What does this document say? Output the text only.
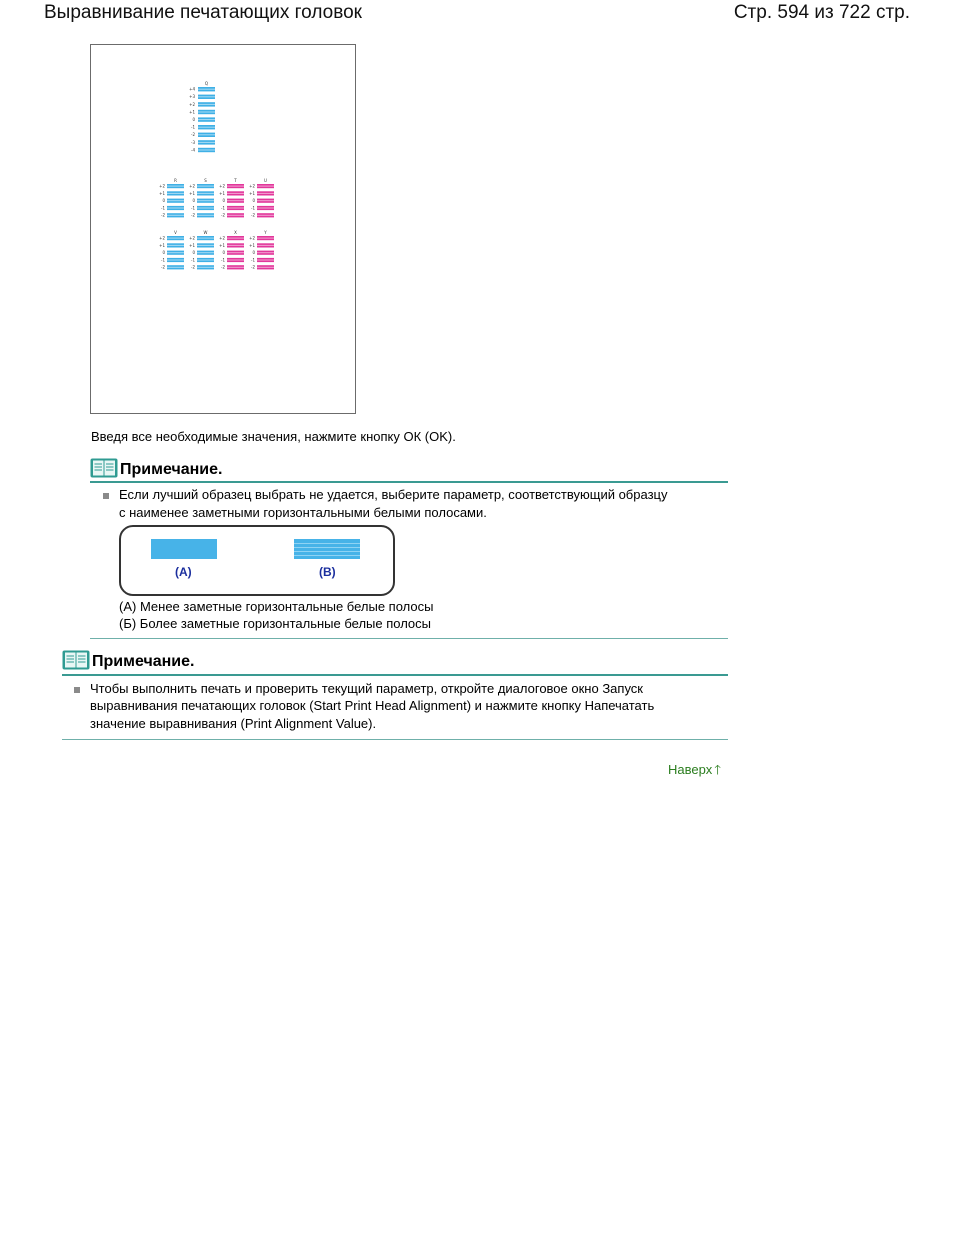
Выравнивание печатающих головок	Стр. 594 из 722 стр.
Q
+4
+3
+2
+1
0
-1
-2
-3
-4
R
+2
+1
0
-1
-2
S
+2
+1
0
-1
-2
T
+2
+1
0
-1
-2
U
+2
+1
0
-1
-2
V
+2
+1
0
-1
-2
W
+2
+1
0
-1
-2
X
+2
+1
0
-1
-2
Y
+2
+1
0
-1
-2
Введя все необходимые значения, нажмите кнопку ОК (OK).
Примечание.
Если лучший образец выбрать не удается, выберите параметр, соответствующий образцу
с наименее заметными горизонтальными белыми полосами.
(A)	(B)
(A) Менее заметные горизонтальные белые полосы
(Б) Более заметные горизонтальные белые полосы
Примечание.
Чтобы выполнить печать и проверить текущий параметр, откройте диалоговое окно Запуск
выравнивания печатающих головок (Start Print Head Alignment) и нажмите кнопку Напечатать
значение выравнивания (Print Alignment Value).
Наверх 🡑
